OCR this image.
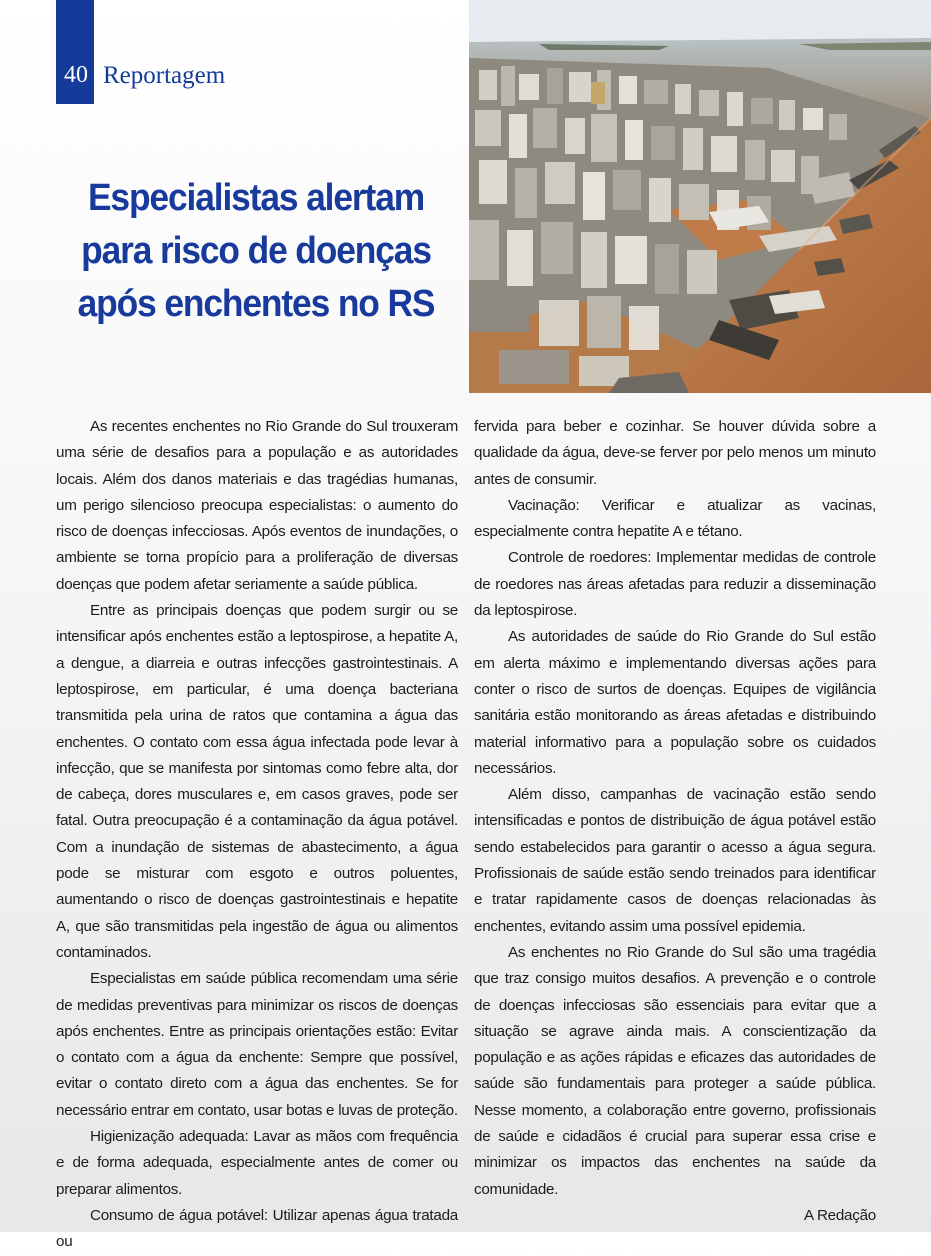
40 Reportagem
Especialistas alertam
para risco de doenças
após enchentes no RS

As recentes enchentes no Rio Grande do Sul trouxeram uma série de desafios para a população e as autoridades locais. Além dos danos materiais e das tragédias humanas, um perigo silencioso preocupa especialistas: o aumento do risco de doenças infecciosas. Após eventos de inundações, o ambiente se torna propício para a proliferação de diversas doenças que podem afetar seriamente a saúde pública.

Entre as principais doenças que podem surgir ou se intensificar após enchentes estão a leptospirose, a hepatite A, a dengue, a diarreia e outras infecções gastrointestinais. A leptospirose, em particular, é uma doença bacteriana transmitida pela urina de ratos que contamina a água das enchentes. O contato com essa água infectada pode levar à infecção, que se manifesta por sintomas como febre alta, dor de cabeça, dores musculares e, em casos graves, pode ser fatal. Outra preocupação é a contaminação da água potável. Com a inundação de sistemas de abastecimento, a água pode se misturar com esgoto e outros poluentes, aumentando o risco de doenças gastrointestinais e hepatite A, que são transmitidas pela ingestão de água ou alimentos contaminados.

Especialistas em saúde pública recomendam uma série de medidas preventivas para minimizar os riscos de doenças após enchentes. Entre as principais orientações estão: Evitar o contato com a água da enchente: Sempre que possível, evitar o contato direto com a água das enchentes. Se for necessário entrar em contato, usar botas e luvas de proteção.

Higienização adequada: Lavar as mãos com frequência e de forma adequada, especialmente antes de comer ou preparar alimentos.

Consumo de água potável: Utilizar apenas água tratada ou

fervida para beber e cozinhar. Se houver dúvida sobre a qualidade da água, deve-se ferver por pelo menos um minuto antes de consumir.

Vacinação: Verificar e atualizar as vacinas, especialmente contra hepatite A e tétano.

Controle de roedores: Implementar medidas de controle de roedores nas áreas afetadas para reduzir a disseminação da leptospirose.

As autoridades de saúde do Rio Grande do Sul estão em alerta máximo e implementando diversas ações para conter o risco de surtos de doenças. Equipes de vigilância sanitária estão monitorando as áreas afetadas e distribuindo material informativo para a população sobre os cuidados necessários.

Além disso, campanhas de vacinação estão sendo intensificadas e pontos de distribuição de água potável estão sendo estabelecidos para garantir o acesso a água segura. Profissionais de saúde estão sendo treinados para identificar e tratar rapidamente casos de doenças relacionadas às enchentes, evitando assim uma possível epidemia.

As enchentes no Rio Grande do Sul são uma tragédia que traz consigo muitos desafios. A prevenção e o controle de doenças infecciosas são essenciais para evitar que a situação se agrave ainda mais. A conscientização da população e as ações rápidas e eficazes das autoridades de saúde são fundamentais para proteger a saúde pública. Nesse momento, a colaboração entre governo, profissionais de saúde e cidadãos é crucial para superar essa crise e minimizar os impactos das enchentes na saúde da comunidade.

A Redação
